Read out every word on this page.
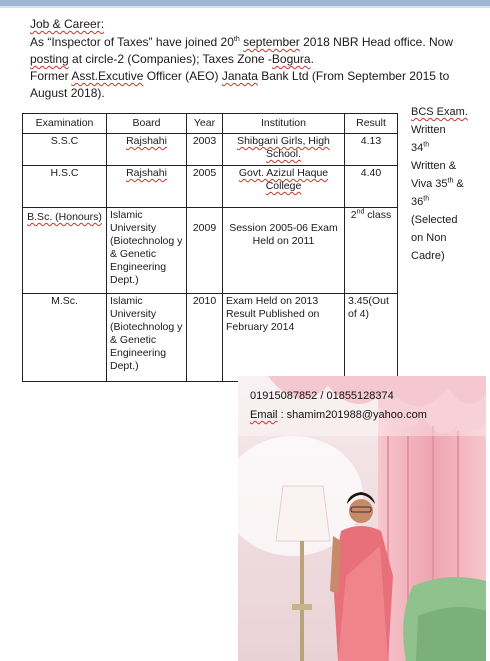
Job & Career:
As “Inspector of Taxes” have joined 20th september 2018 NBR Head office. Now
posting at circle-2 (Companies); Taxes Zone -Bogura.
Former Asst.Excutive Officer (AEO) Janata Bank Ltd (From September 2015 to
August 2018).
Examination	Board	Year	Institution	Result
S.S.C	Rajshahi	2003	Shibgani Girls, High School.	4.13
H.S.C	Rajshahi	2005	Govt. Azizul Haque College	4.40
B.Sc. (Honours)	Islamic University (Biotechnolog y & Genetic Engineering Dept.)	2009	Session 2005-06 Exam Held on 2011	2nd class
M.Sc.	Islamic University (Biotechnolog y & Genetic Engineering Dept.)	2010	Exam Held on 2013 Result Published on February 2014	3.45(Out of 4)
BCS Exam.
Written
34th
Written &
Viva 35th &
36th
(Selected
on Non
Cadre)
01915087852 / 01855128374
Email : shamim201988@yahoo.com
